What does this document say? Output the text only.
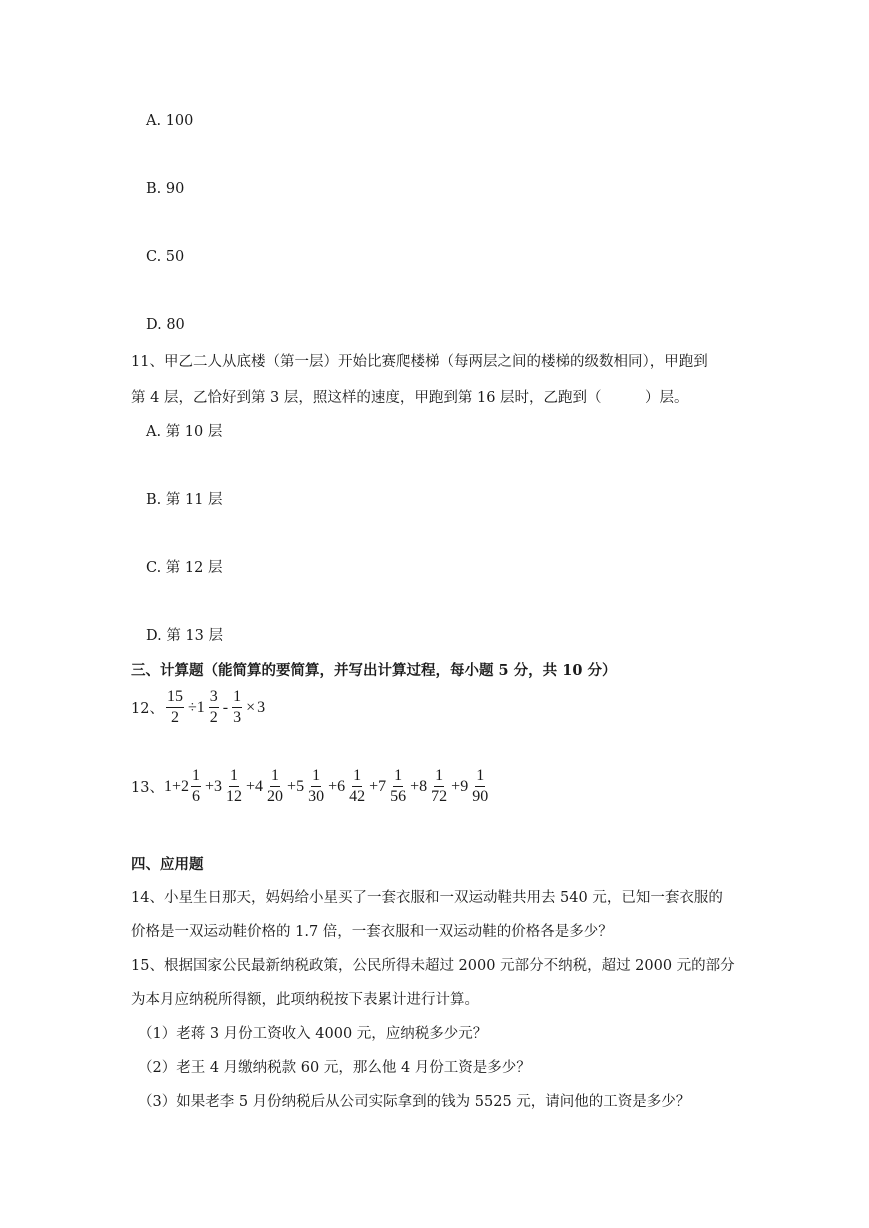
A. 100
B. 90
C. 50
D. 80
11、甲乙二人从底楼（第一层）开始比赛爬楼梯（每两层之间的楼梯的级数相同），甲跑到
第 4 层，乙恰好到第 3 层，照这样的速度，甲跑到第 16 层时，乙跑到（　　　）层。
A. 第 10 层
B. 第 11 层
C. 第 12 层
D. 第 13 层
三、计算题（能简算的要简算，并写出计算过程，每小题 5 分，共 10 分）
12、 $\frac{15}{2} \div 1 \frac{3}{2} - \frac{1}{3} \times 3$
13、 $1+2 \frac{1}{6} +3 \frac{1}{12} +4 \frac{1}{20} +5 \frac{1}{30} +6 \frac{1}{42} +7 \frac{1}{56} +8 \frac{1}{72} +9 \frac{1}{90}$
四、应用题
14、小星生日那天，妈妈给小星买了一套衣服和一双运动鞋共用去 540 元，已知一套衣服的
价格是一双运动鞋价格的 1.7 倍，一套衣服和一双运动鞋的价格各是多少？
15、根据国家公民最新纳税政策，公民所得未超过 2000 元部分不纳税，超过 2000 元的部分
为本月应纳税所得额，此项纳税按下表累计进行计算。
（1）老蒋 3 月份工资收入 4000 元，应纳税多少元？
（2）老王 4 月缴纳税款 60 元，那么他 4 月份工资是多少？
（3）如果老李 5 月份纳税后从公司实际拿到的钱为 5525 元，请问他的工资是多少？
